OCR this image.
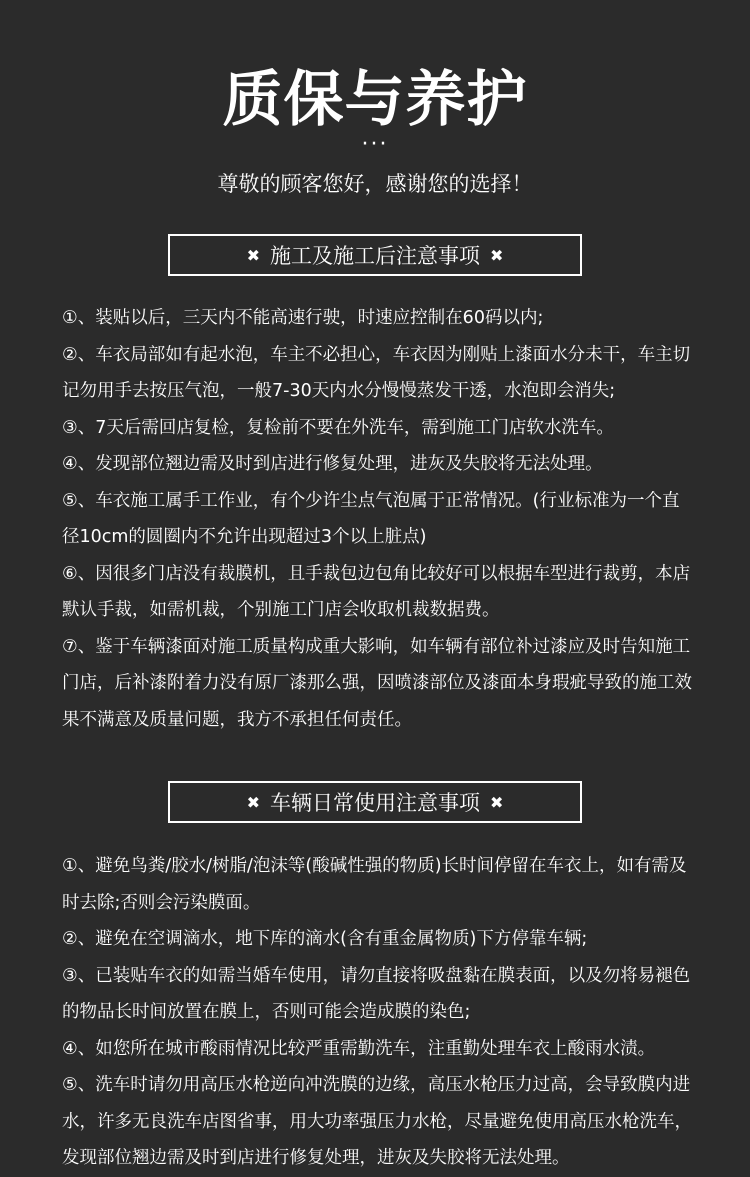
质保与养护
···
尊敬的顾客您好，感谢您的选择！
✖ 施工及施工后注意事项 ✖
①、装贴以后，三天内不能高速行驶，时速应控制在60码以内;
②、车衣局部如有起水泡，车主不必担心，车衣因为刚贴上漆面水分未干，车主切记勿用手去按压气泡，一般7-30天内水分慢慢蒸发干透，水泡即会消失;
③、7天后需回店复检，复检前不要在外洗车，需到施工门店软水洗车。
④、发现部位翘边需及时到店进行修复处理，进灰及失胶将无法处理。
⑤、车衣施工属手工作业，有个少许尘点气泡属于正常情况。(行业标准为一个直径10cm的圆圈内不允许出现超过3个以上脏点)
⑥、因很多门店没有裁膜机，且手裁包边包角比较好可以根据车型进行裁剪，本店默认手裁，如需机裁，个别施工门店会收取机裁数据费。
⑦、鉴于车辆漆面对施工质量构成重大影响，如车辆有部位补过漆应及时告知施工门店，后补漆附着力没有原厂漆那么强，因喷漆部位及漆面本身瑕疵导致的施工效果不满意及质量问题，我方不承担任何责任。
✖ 车辆日常使用注意事项 ✖
①、避免鸟粪/胶水/树脂/泡沫等(酸碱性强的物质)长时间停留在车衣上，如有需及时去除;否则会污染膜面。
②、避免在空调滴水，地下库的滴水(含有重金属物质)下方停靠车辆;
③、已装贴车衣的如需当婚车使用，请勿直接将吸盘黏在膜表面，以及勿将易褪色的物品长时间放置在膜上，否则可能会造成膜的染色;
④、如您所在城市酸雨情况比较严重需勤洗车，注重勤处理车衣上酸雨水渍。
⑤、洗车时请勿用高压水枪逆向冲洗膜的边缘，高压水枪压力过高，会导致膜内进水，许多无良洗车店图省事，用大功率强压力水枪，尽量避免使用高压水枪洗车，发现部位翘边需及时到店进行修复处理，进灰及失胶将无法处理。
